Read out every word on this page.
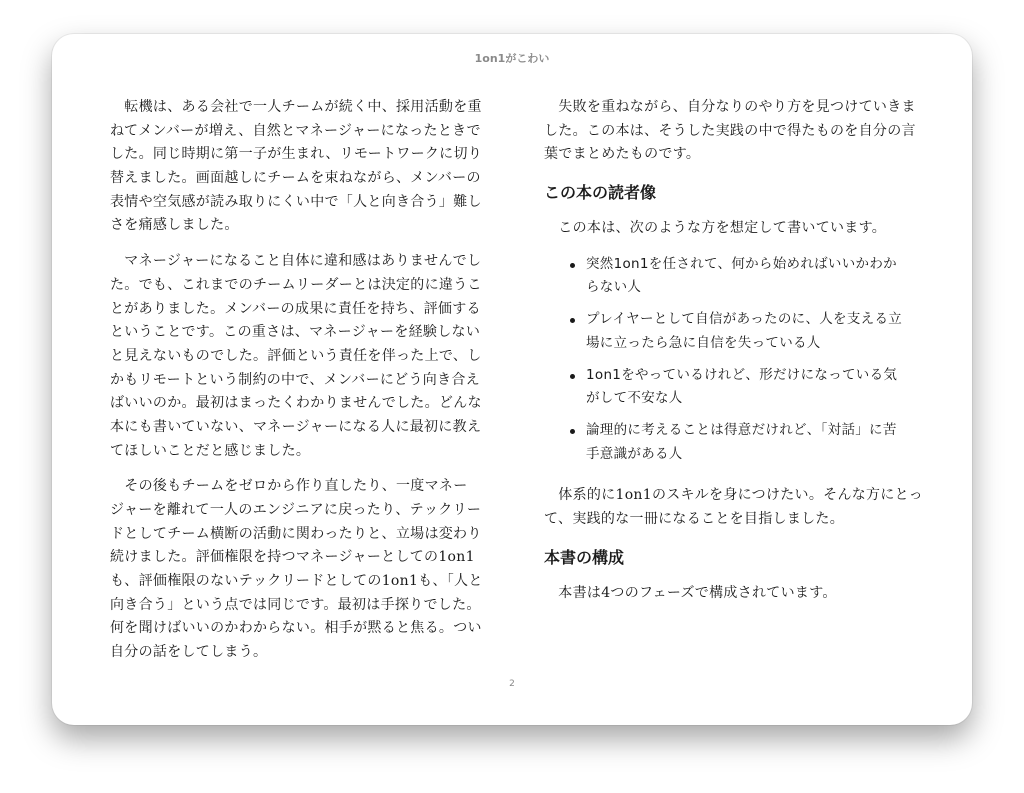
1on1がこわい
　転機は、ある会社で一人チームが続く中、採用活動を重
ねてメンバーが増え、自然とマネージャーになったときで
した。同じ時期に第一子が生まれ、リモートワークに切り
替えました。画面越しにチームを束ねながら、メンバーの
表情や空気感が読み取りにくい中で「人と向き合う」難し
さを痛感しました。
　マネージャーになること自体に違和感はありませんでし
た。でも、これまでのチームリーダーとは決定的に違うこ
とがありました。メンバーの成果に責任を持ち、評価する
ということです。この重さは、マネージャーを経験しない
と見えないものでした。評価という責任を伴った上で、し
かもリモートという制約の中で、メンバーにどう向き合え
ばいいのか。最初はまったくわかりませんでした。どんな
本にも書いていない、マネージャーになる人に最初に教え
てほしいことだと感じました。
　その後もチームをゼロから作り直したり、一度マネー
ジャーを離れて一人のエンジニアに戻ったり、テックリー
ドとしてチーム横断の活動に関わったりと、立場は変わり
続けました。評価権限を持つマネージャーとしての1on1
も、評価権限のないテックリードとしての1on1も、「人と
向き合う」という点では同じです。最初は手探りでした。
何を聞けばいいのかわからない。相手が黙ると焦る。つい
自分の話をしてしまう。
　失敗を重ねながら、自分なりのやり方を見つけていきま
した。この本は、そうした実践の中で得たものを自分の言
葉でまとめたものです。
この本の読者像
　この本は、次のような方を想定して書いています。
突然1on1を任されて、何から始めればいいかわか
らない人
プレイヤーとして自信があったのに、人を支える立
場に立ったら急に自信を失っている人
1on1をやっているけれど、形だけになっている気
がして不安な人
論理的に考えることは得意だけれど、「対話」に苦
手意識がある人
　体系的に1on1のスキルを身につけたい。そんな方にとっ
て、実践的な一冊になることを目指しました。
本書の構成
　本書は4つのフェーズで構成されています。
2
